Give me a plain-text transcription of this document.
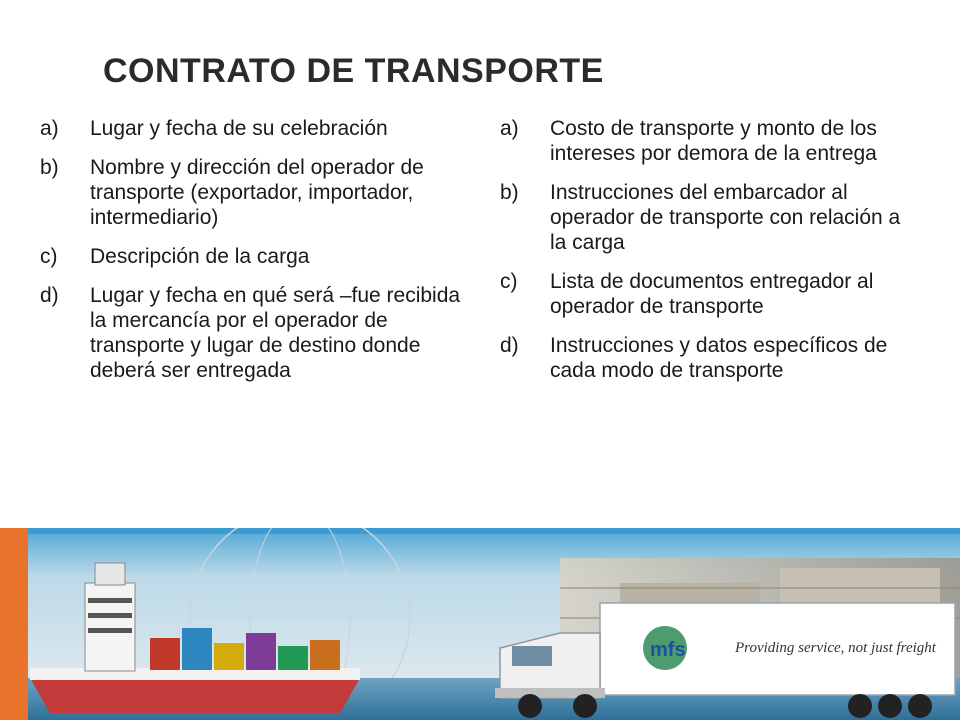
CONTRATO DE TRANSPORTE
a)	Lugar y fecha de su celebración
b)	Nombre y dirección del operador de transporte (exportador, importador, intermediario)
c)	Descripción de la carga
d)	Lugar y fecha en qué será –fue recibida la mercancía por el operador de transporte y lugar de destino donde deberá ser entregada
a)	Costo de transporte y monto de los intereses por demora de la entrega
b)	Instrucciones del embarcador al operador de transporte con relación a la carga
c)	Lista de documentos entregador al operador de transporte
d)	Instrucciones y datos específicos de cada modo de transporte
mfs	Providing service, not just freight
